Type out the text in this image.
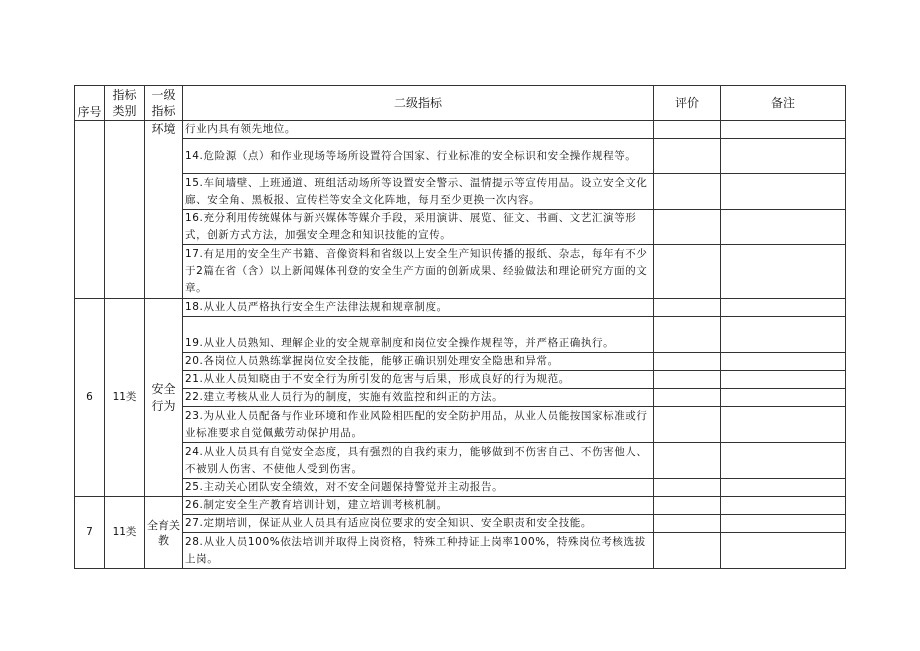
序号	指标类别	一级指标	二级指标	评价	备注
		环境	行业内具有领先地位。		
			14.危险源（点）和作业现场等场所设置符合国家、行业标准的安全标识和安全操作规程等。		
			15.车间墙壁、上班通道、班组活动场所等设置安全警示、温情提示等宣传用品。设立安全文化廊、安全角、黑板报、宣传栏等安全文化阵地，每月至少更换一次内容。		
			16.充分利用传统媒体与新兴媒体等媒介手段，采用演讲、展览、征文、书画、文艺汇演等形式，创新方式方法，加强安全理念和知识技能的宣传。		
			17.有足用的安全生产书籍、音像资料和省级以上安全生产知识传播的报纸、杂志，每年有不少于2篇在省（含）以上新闻媒体刊登的安全生产方面的创新成果、经验做法和理论研究方面的文章。		
6	11类	安全行为	18.从业人员严格执行安全生产法律法规和规章制度。		
			19.从业人员熟知、理解企业的安全规章制度和岗位安全操作规程等，并严格正确执行。		
			20.各岗位人员熟练掌握岗位安全技能，能够正确识别处理安全隐患和异常。		
			21.从业人员知晓由于不安全行为所引发的危害与后果，形成良好的行为规范。		
			22.建立考核从业人员行为的制度，实施有效监控和纠正的方法。		
			23.为从业人员配备与作业环境和作业风险相匹配的安全防护用品，从业人员能按国家标准或行业标准要求自觉佩戴劳动保护用品。		
			24.从业人员具有自觉安全态度，具有强烈的自我约束力，能够做到不伤害自己、不伤害他人、不被别人伤害、不使他人受到伤害。		
			25.主动关心团队安全绩效，对不安全问题保持警觉并主动报告。		
7	11类	全育关教	26.制定安全生产教育培训计划，建立培训考核机制。		
			27.定期培训，保证从业人员具有适应岗位要求的安全知识、安全职责和安全技能。		
			28.从业人员100%依法培训并取得上岗资格，特殊工种持证上岗率100%，特殊岗位考核选拔上岗。		
